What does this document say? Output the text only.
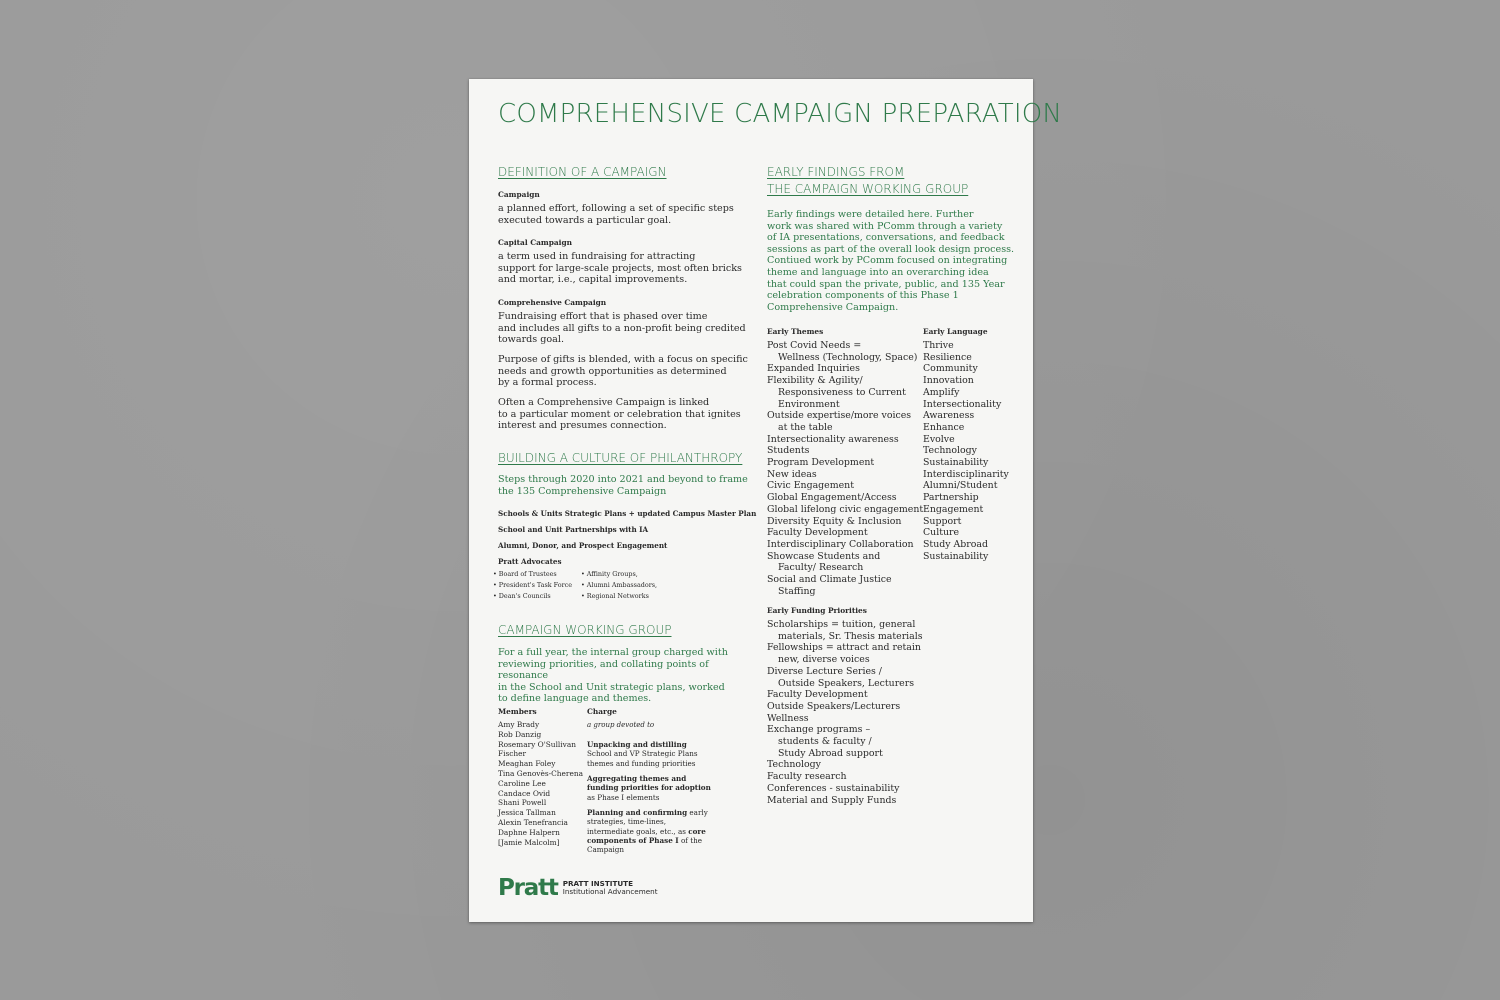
COMPREHENSIVE CAMPAIGN PREPARATION
DEFINITION OF A CAMPAIGN

Campaign

a planned effort, following a set of specific steps
executed towards a particular goal.

Capital Campaign

a term used in fundraising for attracting
support for large-scale projects, most often bricks
and mortar, i.e., capital improvements.

Comprehensive Campaign

Fundraising effort that is phased over time
and includes all gifts to a non-profit being credited
towards goal.

Purpose of gifts is blended, with a focus on specific
needs and growth opportunities as determined
by a formal process.

Often a Comprehensive Campaign is linked
to a particular moment or celebration that ignites
interest and presumes connection.

BUILDING A CULTURE OF PHILANTHROPY

Steps through 2020 into 2021 and beyond to frame
the 135 Comprehensive Campaign

Schools & Units Strategic Plans + updated Campus Master Plan

School and Unit Partnerships with IA

Alumni, Donor, and Prospect Engagement

Pratt Advocates

• Board of Trustees
• President's Task Force
• Dean's Councils
• Affinity Groups,
• Alumni Ambassadors,
• Regional Networks
CAMPAIGN WORKING GROUP

For a full year, the internal group charged with
reviewing priorities, and collating points of resonance
in the School and Unit strategic plans, worked
to define language and themes.

Members

Amy Brady
Rob Danzig
Rosemary O'Sullivan
Fischer
Meaghan Foley
Tina Genovès-Cherena
Caroline Lee
Candace Ovid
Shani Powell
Jessica Tallman
Alexin Tenefrancia
Daphne Halpern
[Jamie Malcolm]

Charge

a group devoted to

Unpacking and distilling School and VP Strategic Plans themes and funding priorities

Aggregating themes and funding priorities for adoption as Phase I elements

Planning and confirming early strategies, time-lines, intermediate goals, etc., as core components of Phase I of the Campaign

EARLY FINDINGS FROM
THE CAMPAIGN WORKING GROUP

Early findings were detailed here. Further
work was shared with PComm through a variety
of IA presentations, conversations, and feedback
sessions as part of the overall look design process.
Contiued work by PComm focused on integrating
theme and language into an overarching idea
that could span the private, public, and 135 Year
celebration components of this Phase 1
Comprehensive Campaign.

Early Themes

Post Covid Needs =
Wellness (Technology, Space)
Expanded Inquiries
Flexibility & Agility/
Responsiveness to Current
Environment
Outside expertise/more voices
at the table
Intersectionality awareness
Students
Program Development
New ideas
Civic Engagement
Global Engagement/Access
Global lifelong civic engagement
Diversity Equity & Inclusion
Faculty Development
Interdisciplinary Collaboration
Showcase Students and
Faculty/ Research
Social and Climate Justice
Staffing

Early Language

Thrive
Resilience
Community
Innovation
Amplify
Intersectionality
Awareness
Enhance
Evolve
Technology
Sustainability
Interdisciplinarity
Alumni/Student
Partnership
Engagement
Support
Culture
Study Abroad
Sustainability

Early Funding Priorities

Scholarships = tuition, general
materials, Sr. Thesis materials
Fellowships = attract and retain
new, diverse voices
Diverse Lecture Series /
Outside Speakers, Lecturers
Faculty Development
Outside Speakers/Lecturers
Wellness
Exchange programs –
students & faculty /
Study Abroad support
Technology
Faculty research
Conferences - sustainability
Material and Supply Funds
Pratt PRATT INSTITUTE
Institutional Advancement
